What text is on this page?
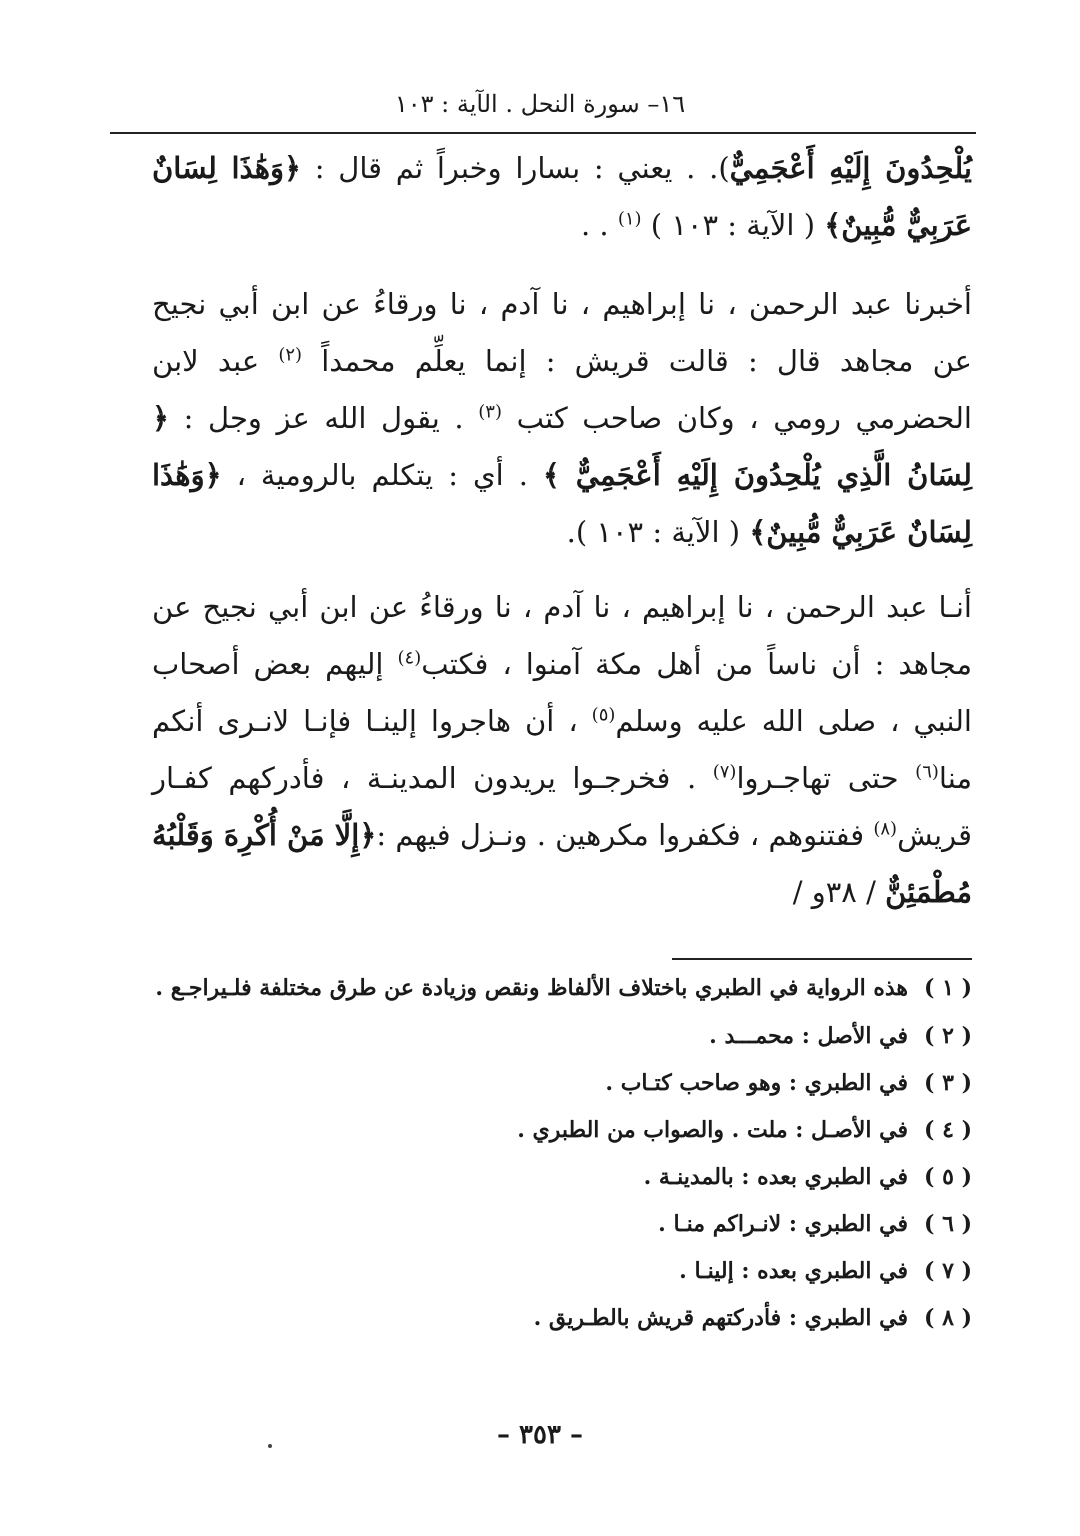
١٦– سورة النحل . الآية : ١٠٣

يُلْحِدُونَ إِلَيْهِ أَعْجَمِيٌّ). . يعني : بسارا وخبراً ثم قال : ﴿وَهَٰذَا لِسَانٌ عَرَبِيٌّ مُّبِينٌ﴾ ( الآية : ١٠٣ ) $^{(١)}$ . .

أخبرنا عبد الرحمن ، نا إبراهيم ، نا آدم ، نا ورقاءُ عن ابن أبي نجيح عن مجاهد قال : قالت قريش : إنما يعلِّم محمداً $^{(٢)}$ عبد لابن الحضرمي رومي ، وكان صاحب كتب $^{(٣)}$ . يقول الله عز وجل : ﴿ لِسَانُ الَّذِي يُلْحِدُونَ إِلَيْهِ أَعْجَمِيٌّ ﴾ . أي : يتكلم بالرومية ، ﴿وَهَٰذَا لِسَانٌ عَرَبِيٌّ مُّبِينٌ﴾ ( الآية : ١٠٣ ).

أنـا عبد الرحمن ، نا إبراهيم ، نا آدم ، نا ورقاءُ عن ابن أبي نجيح عن مجاهد : أن ناساً من أهل مكة آمنوا ، فكتب$^{(٤)}$ إليهم بعض أصحاب النبي ، صلى الله عليه وسلم$^{(٥)}$ ، أن هاجروا إلينـا فإنـا لانـرى أنكم منا$^{(٦)}$ حتى تهاجـروا$^{(٧)}$ . فخرجـوا يريدون المدينـة ، فأدركهم كفـار قريش$^{(٨)}$ ففتنوهم ، فكفروا مكرهين . ونـزل فيهم :﴿إِلَّا مَنْ أُكْرِهَ وَقَلْبُهُ مُطْمَئِنٌّ / ٣٨و /

( ١ )هذه الرواية في الطبري باختلاف الألفاظ ونقص وزيادة عن طرق مختلفة فلـيراجـع .

( ٢ )في الأصل : محمـــد .

( ٣ )في الطبري : وهو صاحب كتـاب .

( ٤ )في الأصـل : ملت . والصواب من الطبري .

( ٥ )في الطبري بعده : بالمدينـة .

( ٦ )في الطبري : لانـراكم منـا .

( ٧ )في الطبري بعده : إلينـا .

( ٨ )في الطبري : فأدركتهم قريش بالطـريق .

– ٣٥٣ –
